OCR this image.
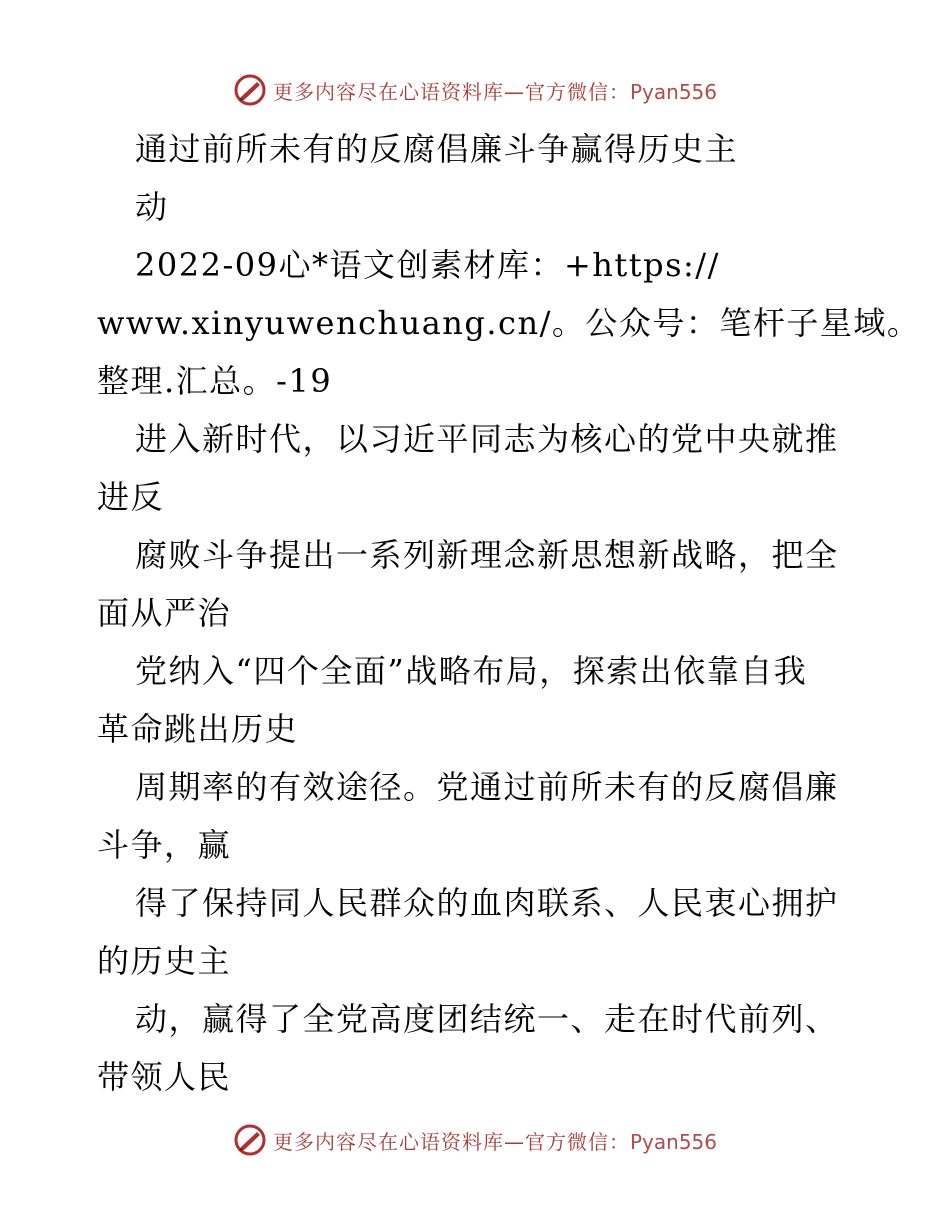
更多内容尽在心语资料库—官方微信：Pyan556
通过前所未有的反腐倡廉斗争赢得历史主
动
2022-09心*语文创素材库：+https://
www.xinyuwenchuang.cn/。公众号：笔杆子星域。
整理.汇总。-19
进入新时代，以习近平同志为核心的党中央就推
进反
腐败斗争提出一系列新理念新思想新战略，把全
面从严治
党纳入“四个全面”战略布局，探索出依靠自我
革命跳出历史
周期率的有效途径。党通过前所未有的反腐倡廉
斗争，赢
得了保持同人民群众的血肉联系、人民衷心拥护
的历史主
动，赢得了全党高度团结统一、走在时代前列、
带领人民
更多内容尽在心语资料库—官方微信：Pyan556
